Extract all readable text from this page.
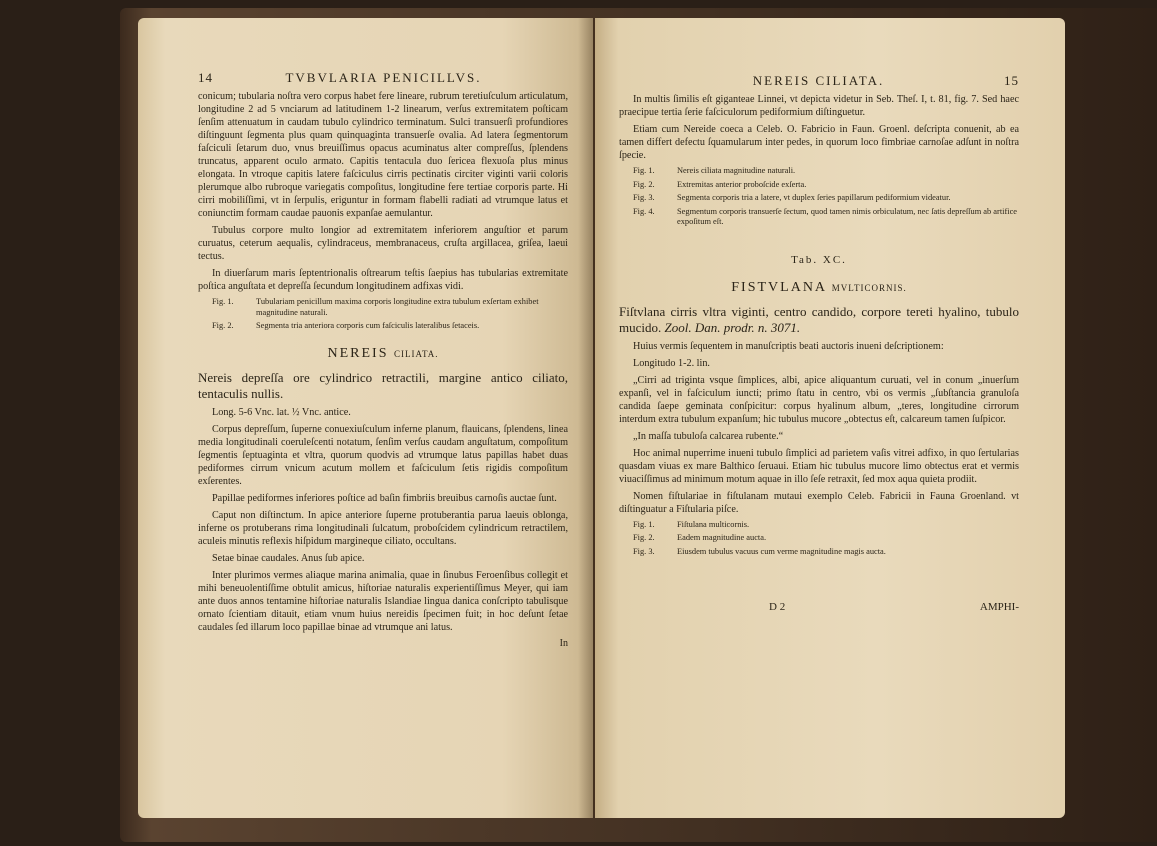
14	TVBVLARIA PENICILLVS.

conicum; tubularia noſtra vero corpus habet fere lineare, rubrum teretiuſculum articulatum, longitudine 2 ad 5 vnciarum ad latitudinem 1-2 linearum, verſus extremitatem poſticam ſenſim attenuatum in caudam tubulo cylindrico terminatum. Sulci transuerſi profundiores diſtinguunt ſegmenta plus quam quinquaginta transuerſe ovalia. Ad latera ſegmentorum faſciculi ſetarum duo, vnus breuiſſimus opacus acuminatus alter compreſſus, ſplendens truncatus, apparent oculo armato. Capitis tentacula duo ſericea flexuoſa plus minus elongata. In vtroque capitis latere faſciculus cirris pectinatis circiter viginti varii coloris plerumque albo rubroque variegatis compoſitus, longitudine fere tertiae corporis parte. Hi cirri mobiliſſimi, vt in ſerpulis, eriguntur in formam flabelli radiati ad vtrumque latus et coniunctim formam caudae pauonis expanſae aemulantur.

Tubulus corpore multo longior ad extremitatem inferiorem anguſtior et parum curuatus, ceterum aequalis, cylindraceus, membranaceus, cruſta argillacea, griſea, laeui tectus.

In diuerſarum maris ſeptentrionalis oſtrearum teſtis ſaepius has tubularias extremitate poſtica anguſtata et depreſſa ſecundum longitudinem adfixas vidi.

Fig. 1.	Tubulariam penicillum maxima corporis longitudine extra tubulum exſertam exhibet magnitudine naturali.
Fig. 2.	Segmenta tria anteriora corporis cum faſciculis lateralibus ſetaceis.
NEREIS CILIATA.

Nereis depreſſa ore cylindrico retractili, margine antico ciliato, tentaculis nullis.

Long. 5-6 Vnc. lat. ½ Vnc. antice.

Corpus depreſſum, ſuperne conuexiuſculum inferne planum, flauicans, ſplendens, linea media longitudinali coeruleſcenti notatum, ſenſim verſus caudam anguſtatum, compoſitum ſegmentis ſeptuaginta et vltra, quorum quodvis ad vtrumque latus papillas habet duas pediformes cirrum vnicum acutum mollem et faſciculum ſetis rigidis compoſitum exſerentes.

Papillae pediformes inferiores poſtice ad baſin fimbriis breuibus carnoſis auctae ſunt.

Caput non diſtinctum. In apice anteriore ſuperne protuberantia parua laeuis oblonga, inferne os protuberans rima longitudinali ſulcatum, proboſcidem cylindricum retractilem, aculeis minutis reflexis hiſpidum margineque ciliato, occultans.

Setae binae caudales. Anus ſub apice.

Inter plurimos vermes aliaque marina animalia, quae in ſinubus Feroenſibus collegit et mihi beneuolentiſſime obtulit amicus, hiſtoriae naturalis experientiſſimus Meyer, qui iam ante duos annos tentamine hiſtoriae naturalis Islandiae lingua danica conſcripto tabulisque ornato ſcientiam ditauit, etiam vnum huius nereidis ſpecimen fuit; in hoc deſunt ſetae caudales ſed illarum loco papillae binae ad vtrumque ani latus.

In
NEREIS CILIATA.	15

In multis ſimilis eſt giganteae Linnei, vt depicta videtur in Seb. Theſ. I, t. 81, fig. 7. Sed haec praecipue tertia ſerie faſciculorum pediformium diſtinguetur.

Etiam cum Nereide coeca a Celeb. O. Fabricio in Faun. Groenl. deſcripta conuenit, ab ea tamen differt defectu ſquamularum inter pedes, in quorum loco fimbriae carnoſae adſunt in noſtra ſpecie.

Fig. 1.	Nereis ciliata magnitudine naturali.
Fig. 2.	Extremitas anterior proboſcide exſerta.
Fig. 3.	Segmenta corporis tria a latere, vt duplex ſeries papillarum pediformium videatur.
Fig. 4.	Segmentum corporis transuerſe ſectum, quod tamen nimis orbiculatum, nec ſatis depreſſum ab artifice expoſitum eſt.
Tab. XC.
FISTVLANA MVLTICORNIS.

Fiſtvlana cirris vltra viginti, centro candido, corpore tereti hyalino, tubulo mucido. Zool. Dan. prodr. n. 3071.

Huius vermis ſequentem in manuſcriptis beati auctoris inueni deſcriptionem:

Longitudo 1-2. lin.

„Cirri ad triginta vsque ſimplices, albi, apice aliquantum curuati, vel in conum „inuerſum expanſi, vel in faſciculum iuncti; primo ſtatu in centro, vbi os vermis „ſubſtancia granuloſa candida ſaepe geminata conſpicitur: corpus hyalinum album, „teres, longitudine cirrorum interdum extra tubulum expanſum; hic tubulus mucore „obtectus eſt, calcareum tamen ſuſpicor.

„In maſſa tubuloſa calcarea rubente.“

Hoc animal nuperrime inueni tubulo ſimplici ad parietem vaſis vitrei adfixo, in quo ſertularias quasdam viuas ex mare Balthico ſeruaui. Etiam hic tubulus mucore limo obtectus erat et vermis viuaciſſimus ad minimum motum aquae in illo ſeſe retraxit, ſed mox aqua quieta prodiit.

Nomen fiſtulariae in fiſtulanam mutaui exemplo Celeb. Fabricii in Fauna Groenland. vt diſtinguatur a Fiſtularia piſce.

Fig. 1.	Fiſtulana multicornis.
Fig. 2.	Eadem magnitudine aucta.
Fig. 3.	Eiusdem tubulus vacuus cum verme magnitudine magis aucta.
D 2	AMPHI-
